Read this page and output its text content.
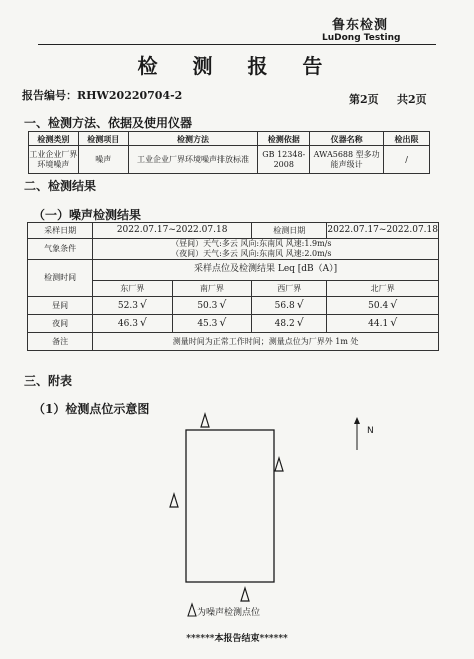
鲁东检测
LuDong Testing
检 测 报 告
报告编号：RHW20220704-2	第2页 共2页
一、检测方法、依据及使用仪器
检测类别	检测项目	检测方法	检测依据	仪器名称	检出限
工业企业厂界环境噪声	噪声	工业企业厂界环境噪声排放标准	GB 12348-2008	AWA5688 型多功能声级计	/
二、检测结果
（一）噪声检测结果
采样日期	2022.07.17~2022.07.18		检测日期	2022.07.17~2022.07.18
气象条件	（昼间）天气:多云 风向:东南风 风速:1.9m/s			
	（夜间）天气:多云 风向:东南风 风速:2.0m/s			
检测时间	采样点位及检测结果 Leq [dB（A）]			
	东厂界	南厂界	西厂界	北厂界
昼间	52.3 √	50.3 √	56.8 √	50.4 √
夜间	46.3 √	45.3 √	48.2 √	44.1 √
备注	测量时间为正常工作时间；测量点位为厂界外 1m 处			
三、附表
（1）检测点位示意图
N
为噪声检测点位
******本报告结束******
